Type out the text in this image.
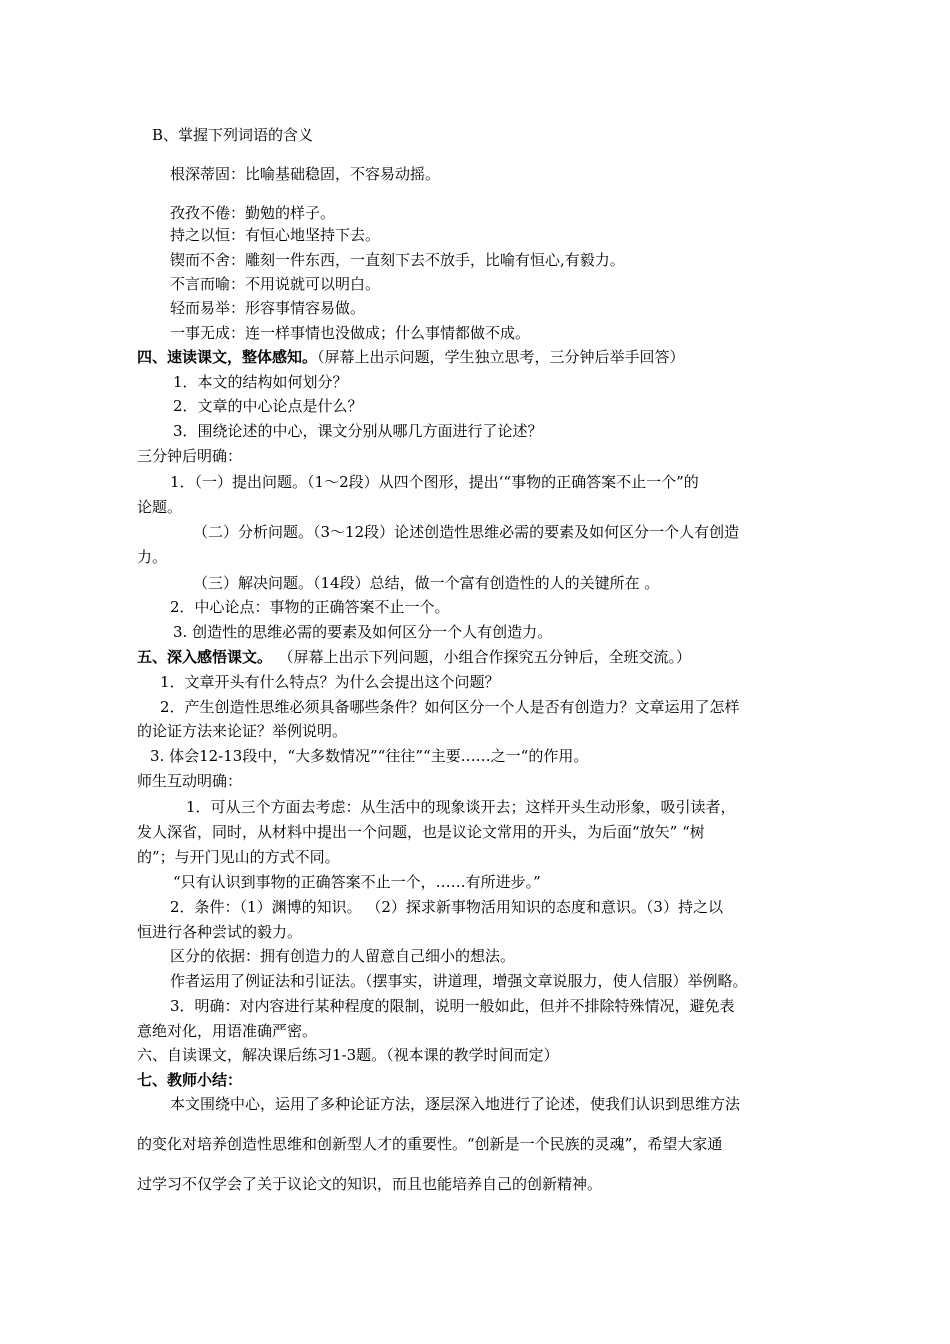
B、掌握下列词语的含义
根深蒂固：比喻基础稳固，不容易动摇。
孜孜不倦：勤勉的样子。
持之以恒：有恒心地坚持下去。
锲而不舍：雕刻一件东西，一直刻下去不放手，比喻有恒心,有毅力。
不言而喻：不用说就可以明白。
轻而易举：形容事情容易做。
一事无成：连一样事情也没做成；什么事情都做不成。
四、速读课文，整体感知。（屏幕上出示问题，学生独立思考，三分钟后举手回答）
1．本文的结构如何划分？
2．文章的中心论点是什么？
3．围绕论述的中心，课文分别从哪几方面进行了论述？
三分钟后明确：
1．（一）提出问题。（1～2段）从四个图形，提出‘“事物的正确答案不止一个”的
论题。
（二）分析问题。（3～12段）论述创造性思维必需的要素及如何区分一个人有创造
力。
（三）解决问题。（14段）总结，做一个富有创造性的人的关键所在 。
2．中心论点：事物的正确答案不止一个。
3. 创造性的思维必需的要素及如何区分一个人有创造力。
五、深入感悟课文。 （屏幕上出示下列问题，小组合作探究五分钟后，全班交流。）
1．文章开头有什么特点？为什么会提出这个问题？
2．产生创造性思维必须具备哪些条件？如何区分一个人是否有创造力？文章运用了怎样
的论证方法来论证？举例说明。
3. 体会12-13段中，“大多数情况”“往往”“主要……之一“的作用。
师生互动明确：
1．可从三个方面去考虑：从生活中的现象谈开去；这样开头生动形象，吸引读者，
发人深省，同时，从材料中提出一个问题，也是议论文常用的开头，为后面“放矢” “树
的”；与开门见山的方式不同。
“只有认识到事物的正确答案不止一个，……有所进步。”
2．条件：（1）渊博的知识。 （2）探求新事物活用知识的态度和意识。（3）持之以
恒进行各种尝试的毅力。
区分的依据：拥有创造力的人留意自己细小的想法。
作者运用了例证法和引证法。（摆事实，讲道理，增强文章说服力，使人信服）举例略。
3．明确：对内容进行某种程度的限制，说明一般如此，但并不排除特殊情况，避免表
意绝对化，用语准确严密。
六、自读课文，解决课后练习1-3题。（视本课的教学时间而定）
七、教师小结：
本文围绕中心，运用了多种论证方法，逐层深入地进行了论述，使我们认识到思维方法
的变化对培养创造性思维和创新型人才的重要性。“创新是一个民族的灵魂”，希望大家通
过学习不仅学会了关于议论文的知识，而且也能培养自己的创新精神。
